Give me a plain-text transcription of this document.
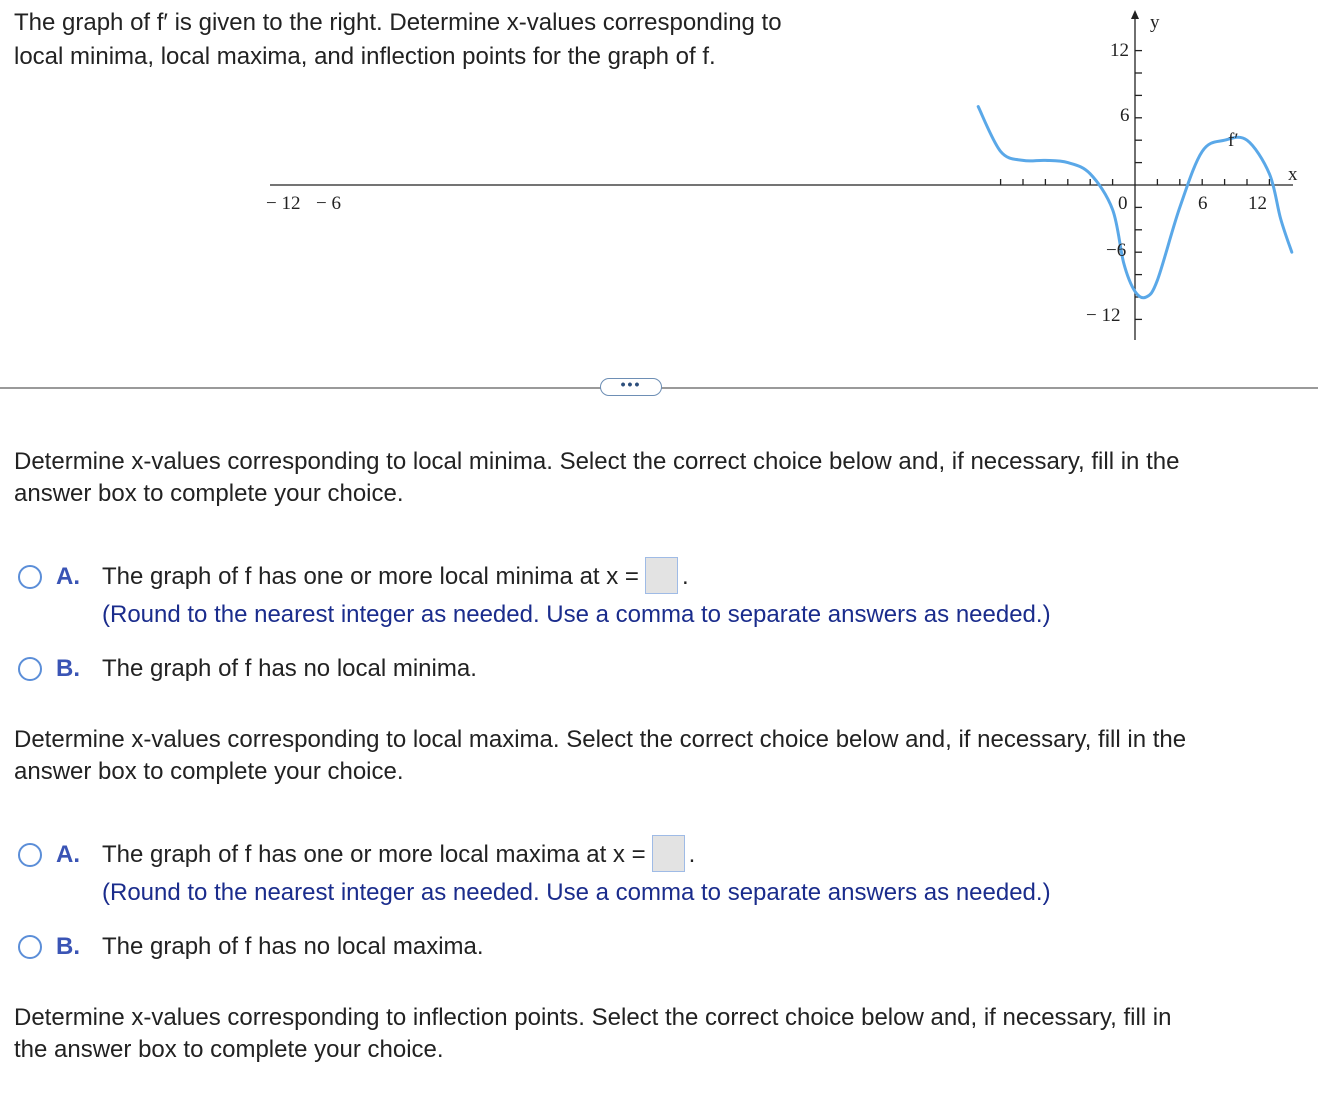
The graph of f′ is given to the right. Determine x-values corresponding to
local minima, local maxima, and inflection points for the graph of f.
y
x
f′
− 12 − 6	0	6 12
12
6
−6
− 12
•••
Determine x-values corresponding to local minima. Select the correct choice below and, if necessary, fill in the
answer box to complete your choice.
A. The graph of f has one or more local minima at x = .
(Round to the nearest integer as needed. Use a comma to separate answers as needed.)
B. The graph of f has no local minima.
Determine x-values corresponding to local maxima. Select the correct choice below and, if necessary, fill in the
answer box to complete your choice.
A. The graph of f has one or more local maxima at x = .
(Round to the nearest integer as needed. Use a comma to separate answers as needed.)
B. The graph of f has no local maxima.
Determine x-values corresponding to inflection points. Select the correct choice below and, if necessary, fill in
the answer box to complete your choice.
